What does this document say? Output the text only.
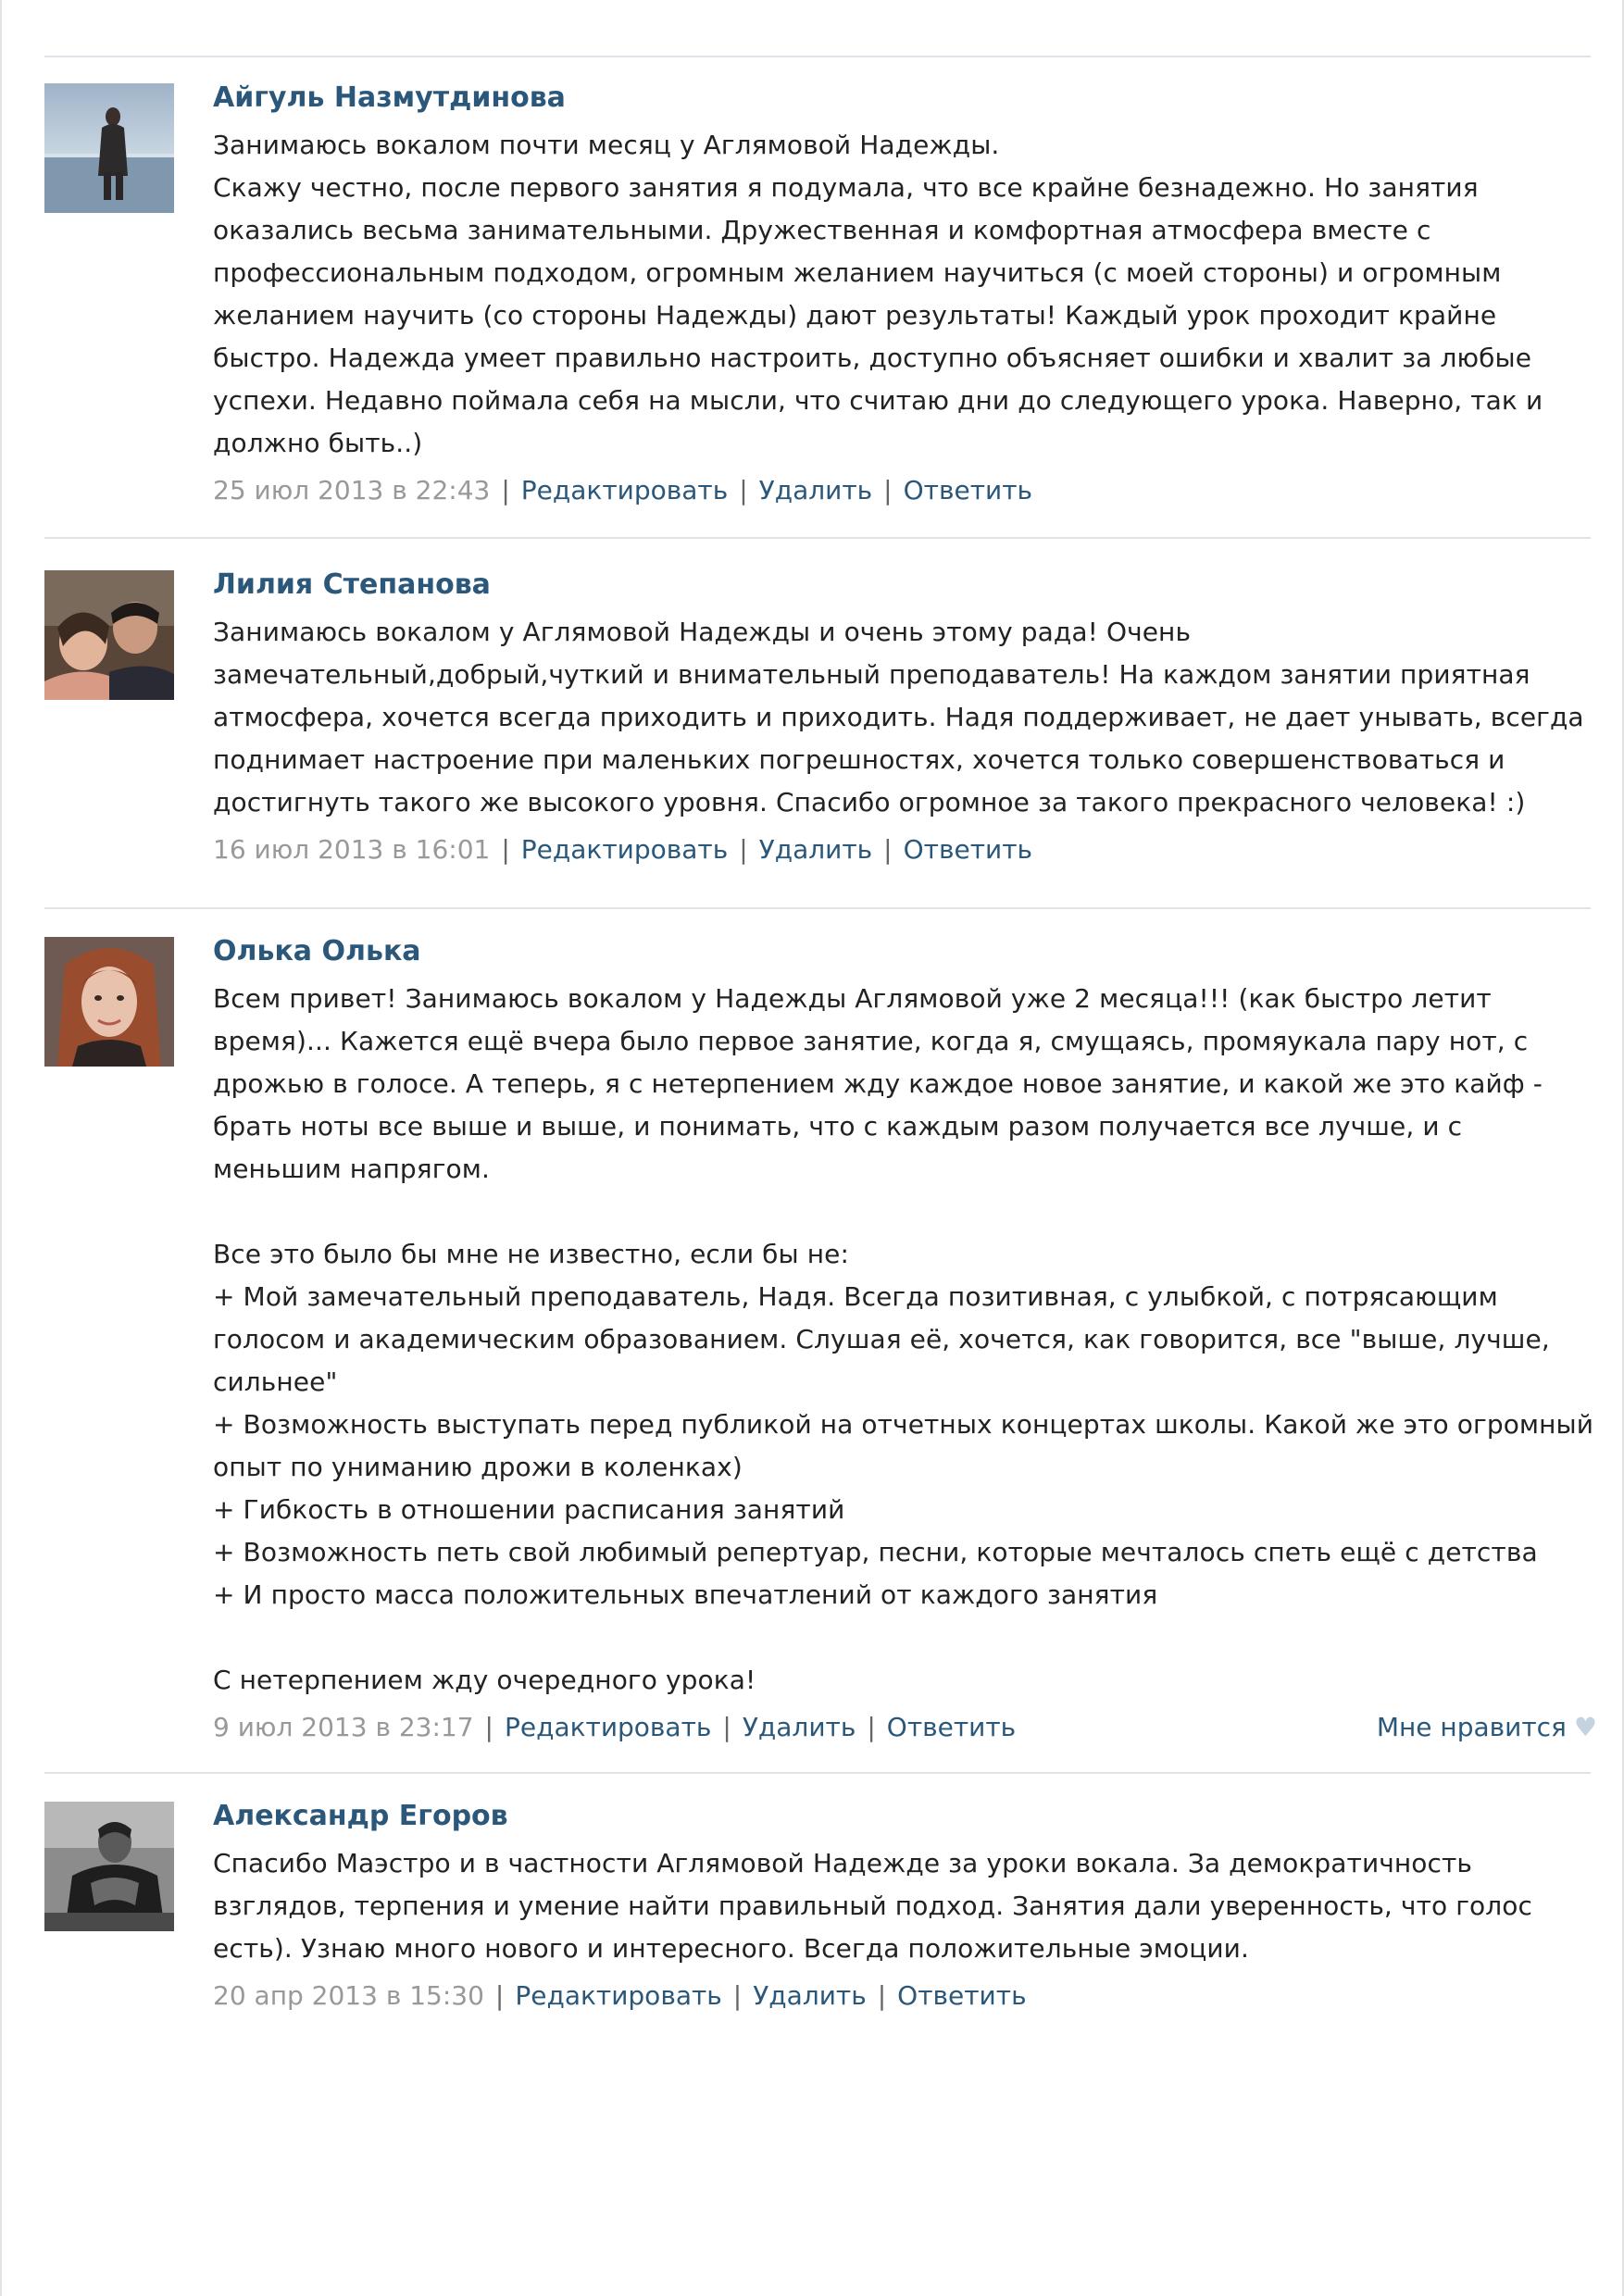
Айгуль Назмутдинова

Занимаюсь вокалом почти месяц у Аглямовой Надежды.

Скажу честно, после первого занятия я подумала, что все крайне безнадежно. Но занятия оказались весьма занимательными. Дружественная и комфортная атмосфера вместе с профессиональным подходом, огромным желанием научиться (с моей стороны) и огромным желанием научить (со стороны Надежды) дают результаты! Каждый урок проходит крайне быстро. Надежда умеет правильно настроить, доступно объясняет ошибки и хвалит за любые успехи. Недавно поймала себя на мысли, что считаю дни до следующего урока. Наверно, так и должно быть..)

25 июл 2013 в 22:43 | Редактировать | Удалить | Ответить
Лилия Степанова

Занимаюсь вокалом у Аглямовой Надежды и очень этому рада! Очень замечательный,добрый,чуткий и внимательный преподаватель! На каждом занятии приятная атмосфера, хочется всегда приходить и приходить. Надя поддерживает, не дает унывать, всегда поднимает настроение при маленьких погрешностях, хочется только совершенствоваться и достигнуть такого же высокого уровня. Спасибо огромное за такого прекрасного человека! :)

16 июл 2013 в 16:01 | Редактировать | Удалить | Ответить
Олька Олька

Всем привет! Занимаюсь вокалом у Надежды Аглямовой уже 2 месяца!!! (как быстро летит время)... Кажется ещё вчера было первое занятие, когда я, смущаясь, промяукала пару нот, с дрожью в голосе. А теперь, я с нетерпением жду каждое новое занятие, и какой же это кайф - брать ноты все выше и выше, и понимать, что с каждым разом получается все лучше, и с меньшим напрягом.

Все это было бы мне не известно, если бы не:

+ Мой замечательный преподаватель, Надя. Всегда позитивная, с улыбкой, с потрясающим голосом и академическим образованием. Слушая её, хочется, как говорится, все "выше, лучше, сильнее"

+ Возможность выступать перед публикой на отчетных концертах школы. Какой же это огромный опыт по униманию дрожи в коленках)

+ Гибкость в отношении расписания занятий

+ Возможность петь свой любимый репертуар, песни, которые мечталось спеть ещё с детства

+ И просто масса положительных впечатлений от каждого занятия

С нетерпением жду очередного урока!

9 июл 2013 в 23:17 | Редактировать | Удалить | Ответить	Мне нравится ♥
Александр Егоров

Спасибо Маэстро и в частности Аглямовой Надежде за уроки вокала. За демократичность взглядов, терпения и умение найти правильный подход. Занятия дали уверенность, что голос есть). Узнаю много нового и интересного. Всегда положительные эмоции.

20 апр 2013 в 15:30 | Редактировать | Удалить | Ответить
